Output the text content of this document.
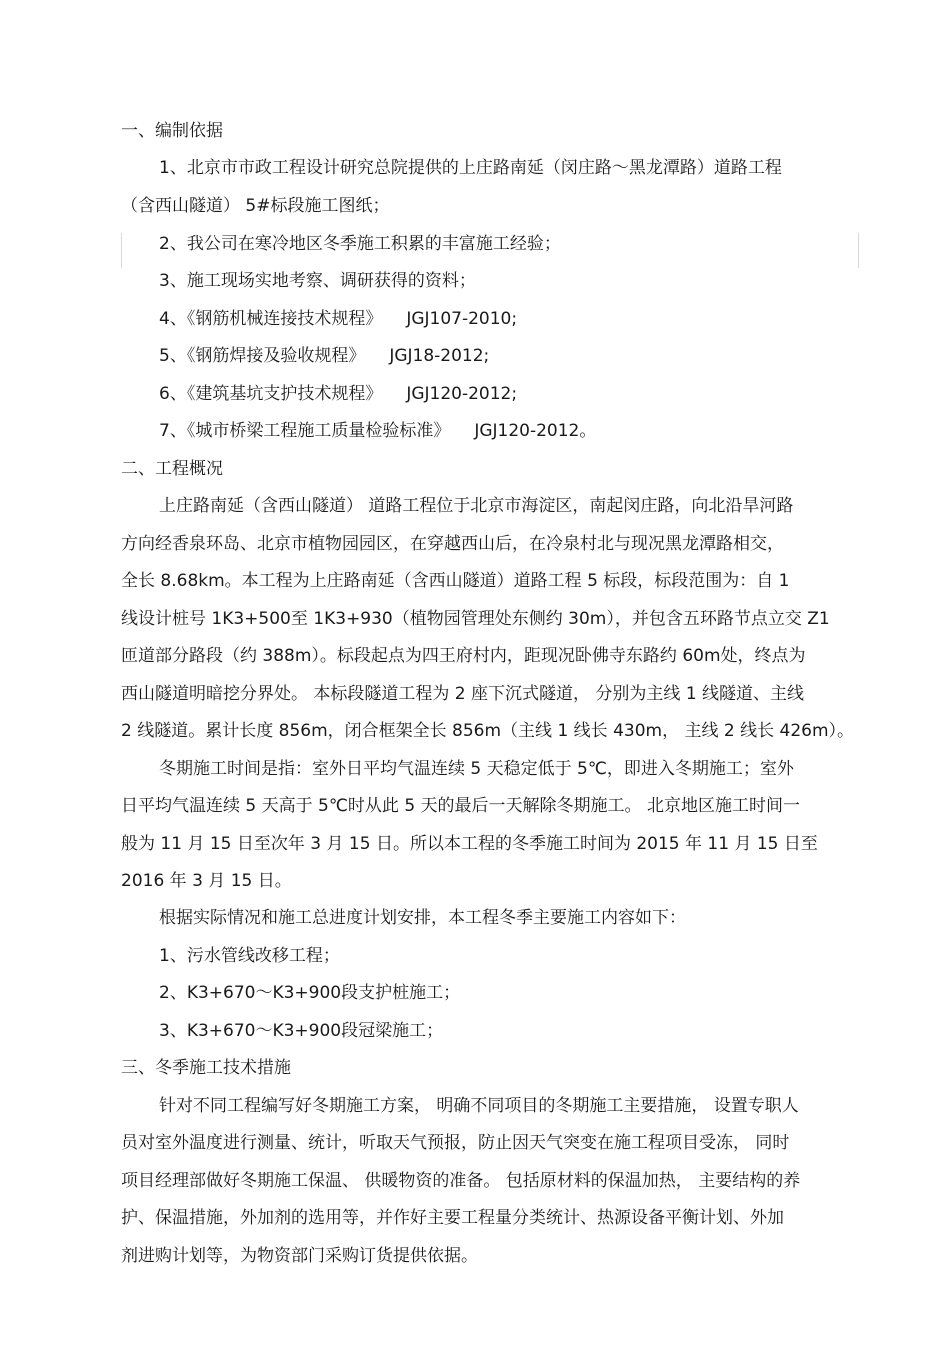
一、编制依据
1、北京市市政工程设计研究总院提供的上庄路南延（闵庄路～黑龙潭路）道路工程
（含西山隧道） 5#标段施工图纸；
2、我公司在寒冷地区冬季施工积累的丰富施工经验；
3、施工现场实地考察、调研获得的资料；
4、《钢筋机械连接技术规程》 JGJ107-2010;
5、《钢筋焊接及验收规程》 JGJ18-2012;
6、《建筑基坑支护技术规程》 JGJ120-2012;
7、《城市桥梁工程施工质量检验标准》 JGJ120-2012。
二、工程概况
上庄路南延（含西山隧道） 道路工程位于北京市海淀区，南起闵庄路，向北沿旱河路
方向经香泉环岛、北京市植物园园区，在穿越西山后，在冷泉村北与现况黑龙潭路相交，
全长 8.68km。本工程为上庄路南延（含西山隧道）道路工程 5 标段，标段范围为：自 1
线设计桩号 1K3+500至 1K3+930（植物园管理处东侧约 30m），并包含五环路节点立交 Z1
匝道部分路段（约 388m）。标段起点为四王府村内，距现况卧佛寺东路约 60m处，终点为
西山隧道明暗挖分界处。 本标段隧道工程为 2 座下沉式隧道， 分别为主线 1 线隧道、主线
2 线隧道。累计长度 856m，闭合框架全长 856m（主线 1 线长 430m， 主线 2 线长 426m）。
冬期施工时间是指：室外日平均气温连续 5 天稳定低于 5℃，即进入冬期施工；室外
日平均气温连续 5 天高于 5℃时从此 5 天的最后一天解除冬期施工。 北京地区施工时间一
般为 11 月 15 日至次年 3 月 15 日。所以本工程的冬季施工时间为 2015 年 11 月 15 日至
2016 年 3 月 15 日。
根据实际情况和施工总进度计划安排，本工程冬季主要施工内容如下：
1、污水管线改移工程；
2、K3+670～K3+900段支护桩施工；
3、K3+670～K3+900段冠梁施工；
三、冬季施工技术措施
针对不同工程编写好冬期施工方案， 明确不同项目的冬期施工主要措施， 设置专职人
员对室外温度进行测量、统计，听取天气预报，防止因天气突变在施工程项目受冻， 同时
项目经理部做好冬期施工保温、 供暖物资的准备。 包括原材料的保温加热， 主要结构的养
护、保温措施，外加剂的选用等，并作好主要工程量分类统计、热源设备平衡计划、外加
剂进购计划等，为物资部门采购订货提供依据。
